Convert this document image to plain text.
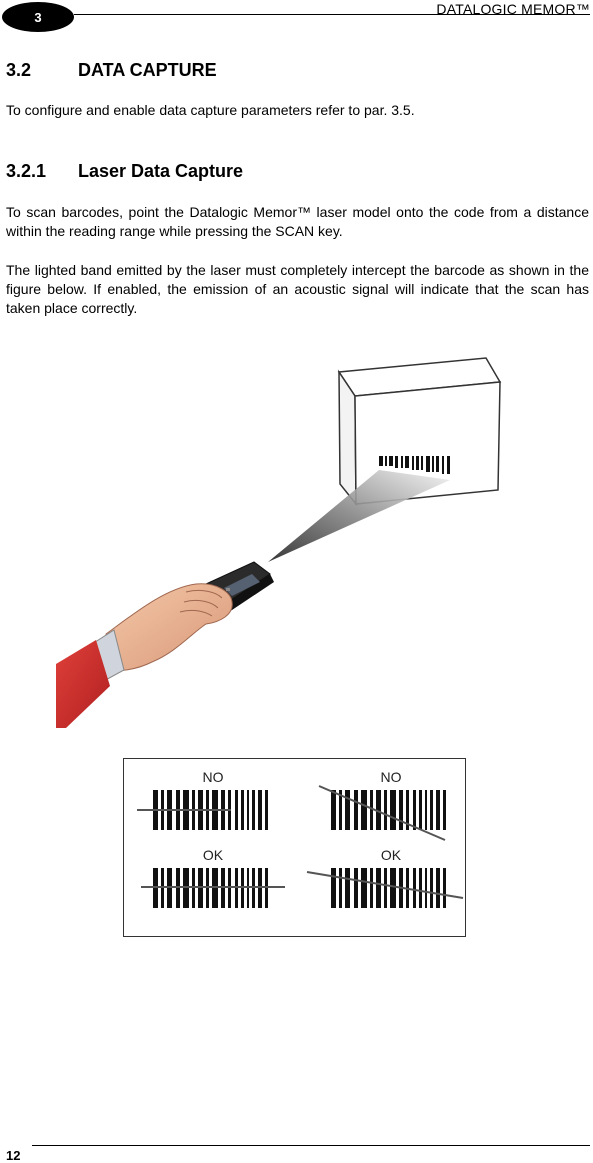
3	DATALOGIC MEMOR™
3.2	DATA CAPTURE

To configure and enable data capture parameters refer to par. 3.5.

3.2.1 Laser Data Capture

To scan barcodes, point the Datalogic Memor™ laser model onto the code from a distance within the reading range while pressing the SCAN key.

The lighted band emitted by the laser must completely intercept the barcode as shown in the figure below. If enabled, the emission of an acoustic signal will indicate that the scan has taken place correctly.

NO	NO
OK	OK
12
